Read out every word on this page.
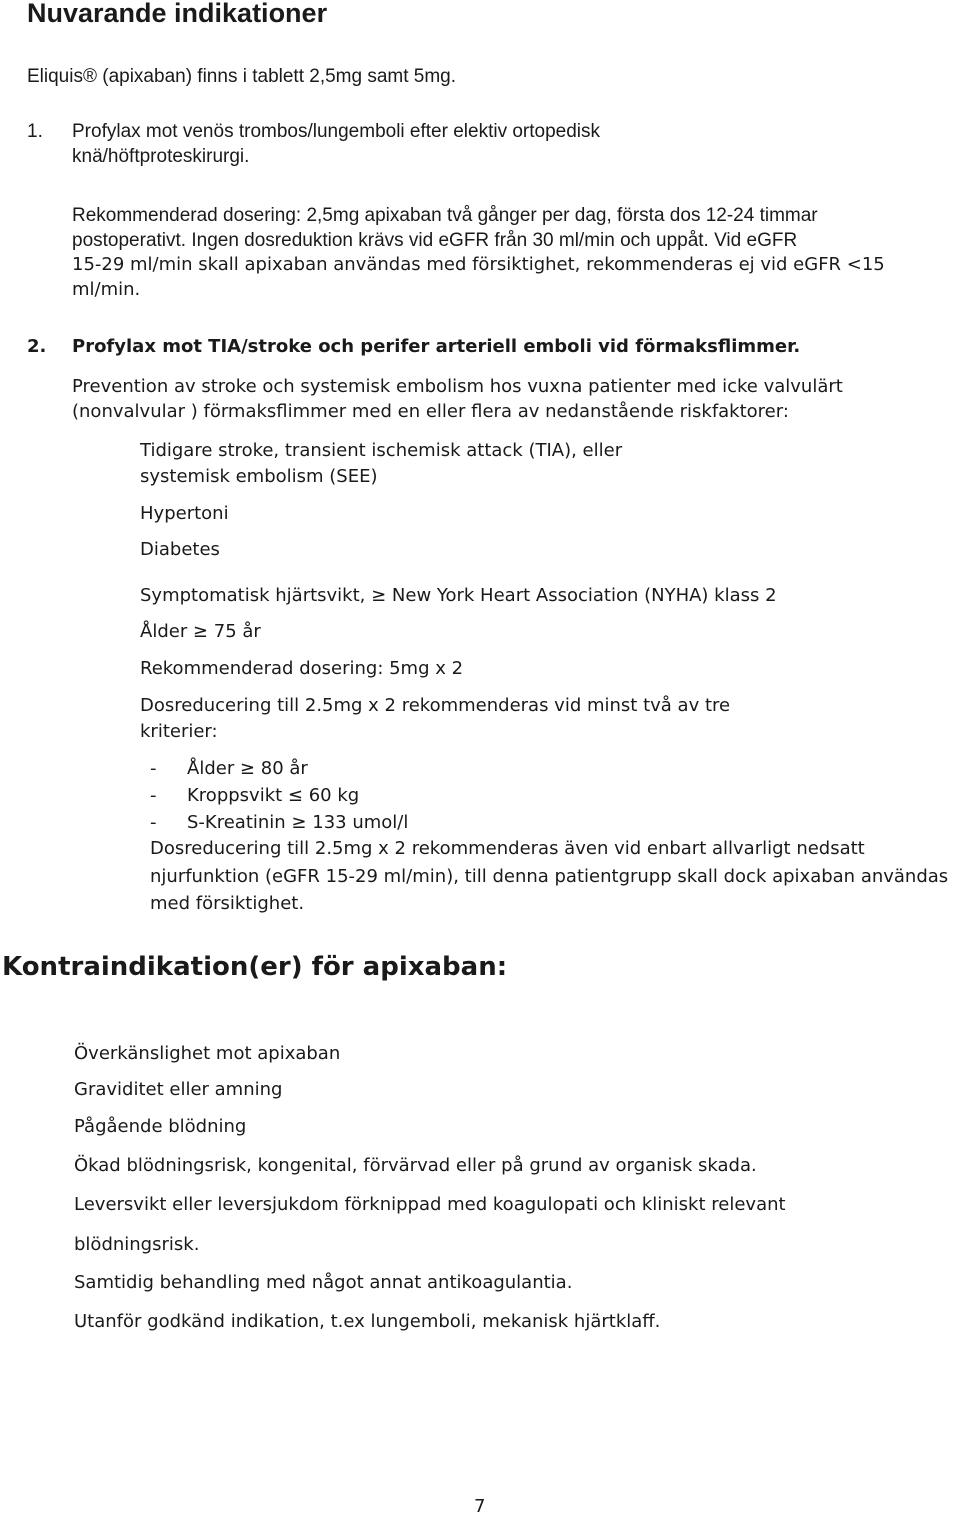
Nuvarande indikationer
Eliquis® (apixaban) finns i tablett 2,5mg samt 5mg.
1. Profylax mot venös trombos/lungemboli efter elektiv ortopedisk
knä/höftproteskirurgi.
Rekommenderad dosering: 2,5mg apixaban två gånger per dag, första dos 12-24 timmar
postoperativt. Ingen dosreduktion krävs vid eGFR från 30 ml/min och uppåt. Vid eGFR
15-29 ml/min skall apixaban användas med försiktighet, rekommenderas ej vid eGFR <15
ml/min.
2. Profylax mot TIA/stroke och perifer arteriell emboli vid förmaksflimmer.
Prevention av stroke och systemisk embolism hos vuxna patienter med icke valvulärt
(nonvalvular ) förmaksflimmer med en eller flera av nedanstående riskfaktorer:
Tidigare stroke, transient ischemisk attack (TIA), eller
systemisk embolism (SEE)
Hypertoni
Diabetes
Symptomatisk hjärtsvikt, ≥ New York Heart Association (NYHA) klass 2
Ålder ≥ 75 år
Rekommenderad dosering: 5mg x 2
Dosreducering till 2.5mg x 2 rekommenderas vid minst två av tre
kriterier:
- Ålder ≥ 80 år
- Kroppsvikt ≤ 60 kg
- S-Kreatinin ≥ 133 umol/l
Dosreducering till 2.5mg x 2 rekommenderas även vid enbart allvarligt nedsatt
njurfunktion (eGFR 15-29 ml/min), till denna patientgrupp skall dock apixaban användas
med försiktighet.
Kontraindikation(er) för apixaban:
Överkänslighet mot apixaban
Graviditet eller amning
Pågående blödning
Ökad blödningsrisk, kongenital, förvärvad eller på grund av organisk skada.
Leversvikt eller leversjukdom förknippad med koagulopati och kliniskt relevant
blödningsrisk.
Samtidig behandling med något annat antikoagulantia.
Utanför godkänd indikation, t.ex lungemboli, mekanisk hjärtklaff.
7
